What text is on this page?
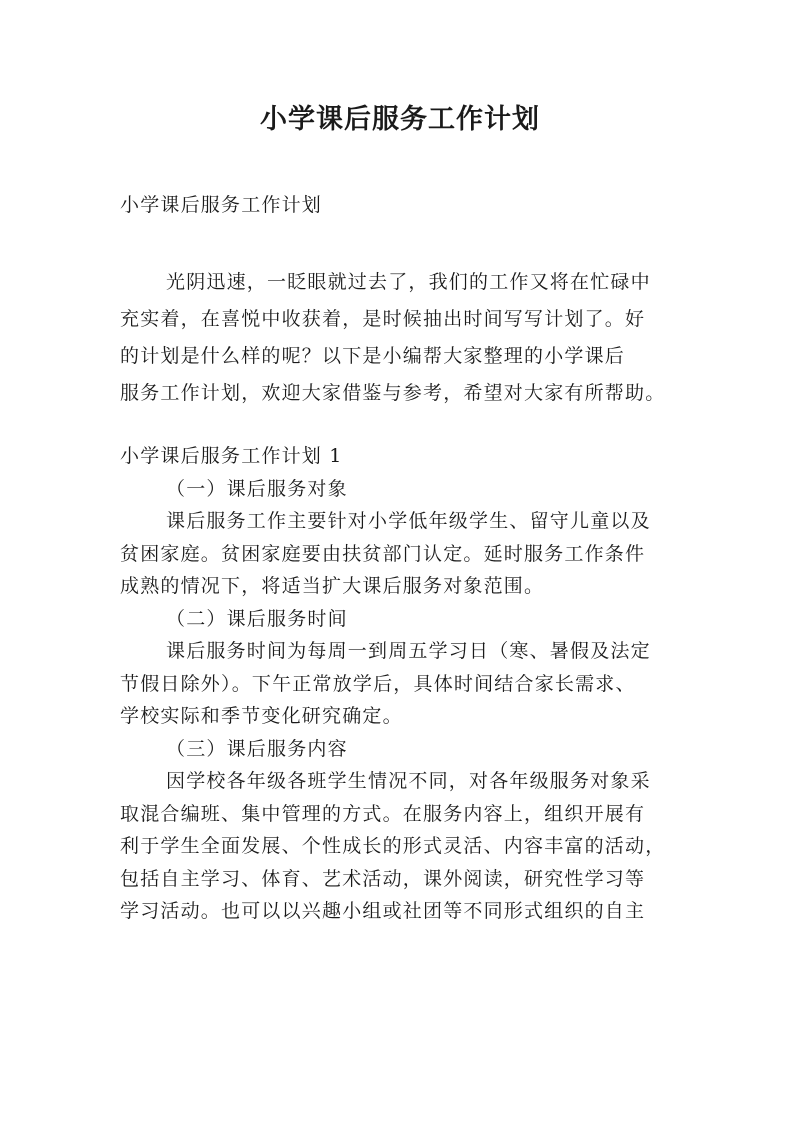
小学课后服务工作计划

小学课后服务工作计划

光阴迅速，一眨眼就过去了，我们的工作又将在忙碌中

充实着，在喜悦中收获着，是时候抽出时间写写计划了。好

的计划是什么样的呢？以下是小编帮大家整理的小学课后

服务工作计划，欢迎大家借鉴与参考，希望对大家有所帮助。

小学课后服务工作计划 1

（一）课后服务对象

课后服务工作主要针对小学低年级学生、留守儿童以及

贫困家庭。贫困家庭要由扶贫部门认定。延时服务工作条件

成熟的情况下，将适当扩大课后服务对象范围。

（二）课后服务时间

课后服务时间为每周一到周五学习日（寒、暑假及法定

节假日除外）。下午正常放学后，具体时间结合家长需求、

学校实际和季节变化研究确定。

（三）课后服务内容

因学校各年级各班学生情况不同，对各年级服务对象采

取混合编班、集中管理的方式。在服务内容上，组织开展有

利于学生全面发展、个性成长的形式灵活、内容丰富的活动，

包括自主学习、体育、艺术活动，课外阅读，研究性学习等

学习活动。也可以以兴趣小组或社团等不同形式组织的自主
